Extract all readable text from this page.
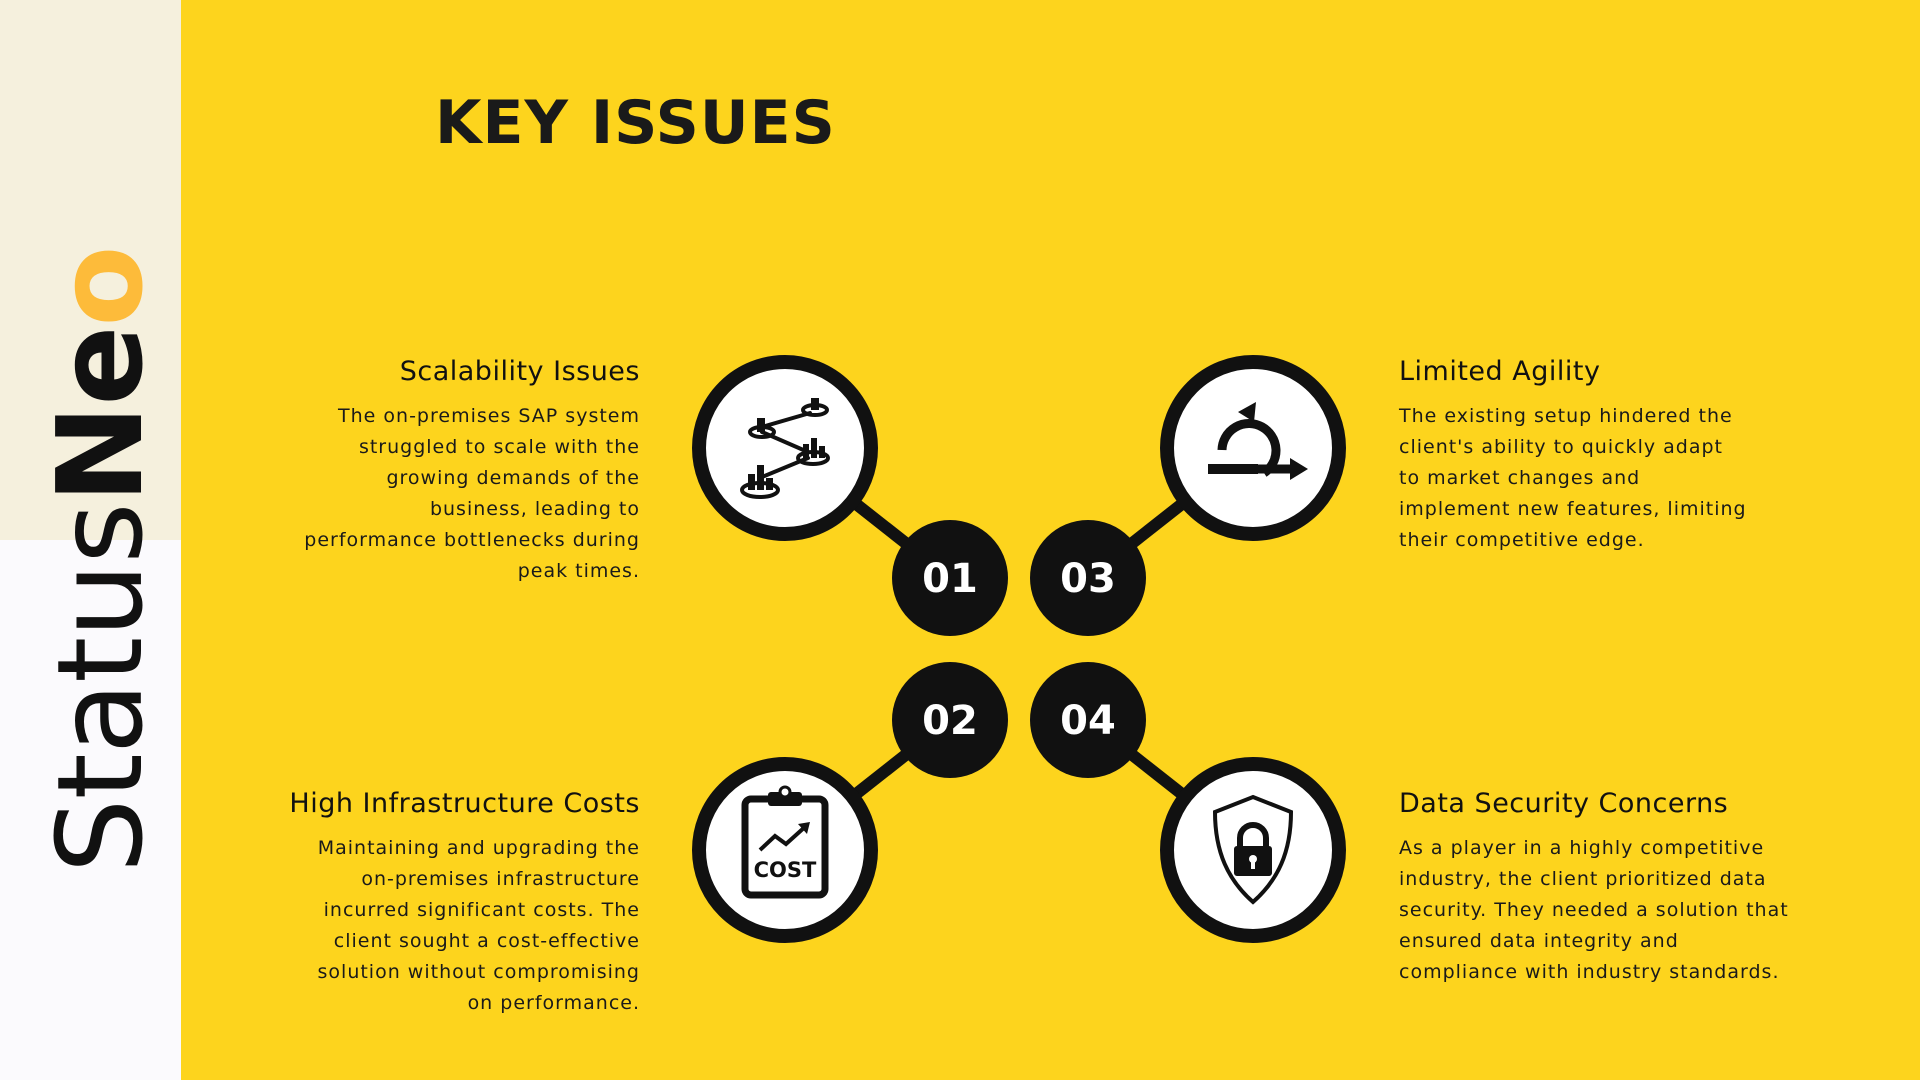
StatusNeo
KEY ISSUES
Scalability Issues

The on-premises SAP system
struggled to scale with the
growing demands of the
business, leading to
performance bottlenecks during
peak times.

High Infrastructure Costs

Maintaining and upgrading the
on-premises infrastructure
incurred significant costs. The
client sought a cost-effective
solution without compromising
on performance.

Limited Agility

The existing setup hindered the
client's ability to quickly adapt
to market changes and
implement new features, limiting
their competitive edge.

Data Security Concerns

As a player in a highly competitive
industry, the client prioritized data
security. They needed a solution that
ensured data integrity and
compliance with industry standards.

COST
01
02
03
04
